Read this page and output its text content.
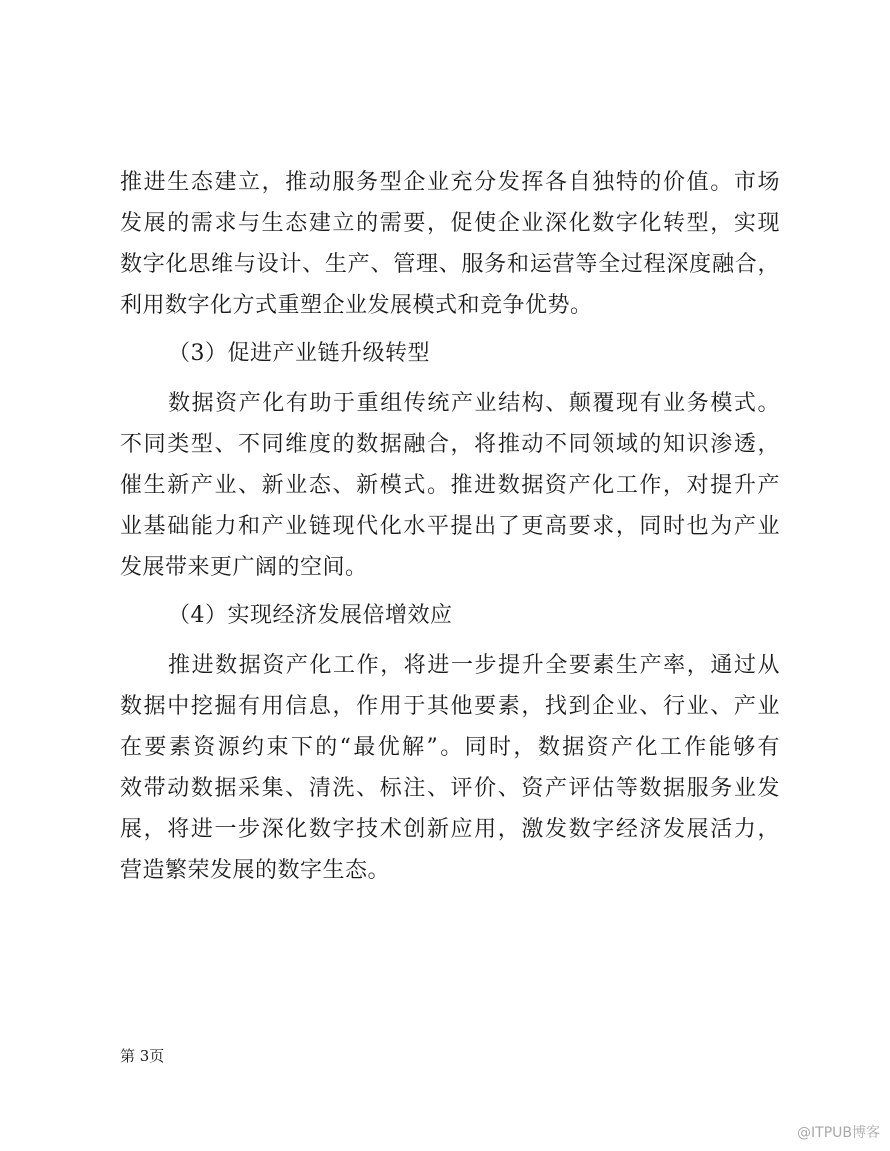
推进生态建立，推动服务型企业充分发挥各自独特的价值。市场
发展的需求与生态建立的需要，促使企业深化数字化转型，实现
数字化思维与设计、生产、管理、服务和运营等全过程深度融合，
利用数字化方式重塑企业发展模式和竞争优势。
（3）促进产业链升级转型
数据资产化有助于重组传统产业结构、颠覆现有业务模式。
不同类型、不同维度的数据融合，将推动不同领域的知识渗透，
催生新产业、新业态、新模式。推进数据资产化工作，对提升产
业基础能力和产业链现代化水平提出了更高要求，同时也为产业
发展带来更广阔的空间。
（4）实现经济发展倍增效应
推进数据资产化工作，将进一步提升全要素生产率，通过从
数据中挖掘有用信息，作用于其他要素，找到企业、行业、产业
在要素资源约束下的“最优解”。同时，数据资产化工作能够有
效带动数据采集、清洗、标注、评价、资产评估等数据服务业发
展，将进一步深化数字技术创新应用，激发数字经济发展活力，
营造繁荣发展的数字生态。
第 3页
@ITPUB博客
